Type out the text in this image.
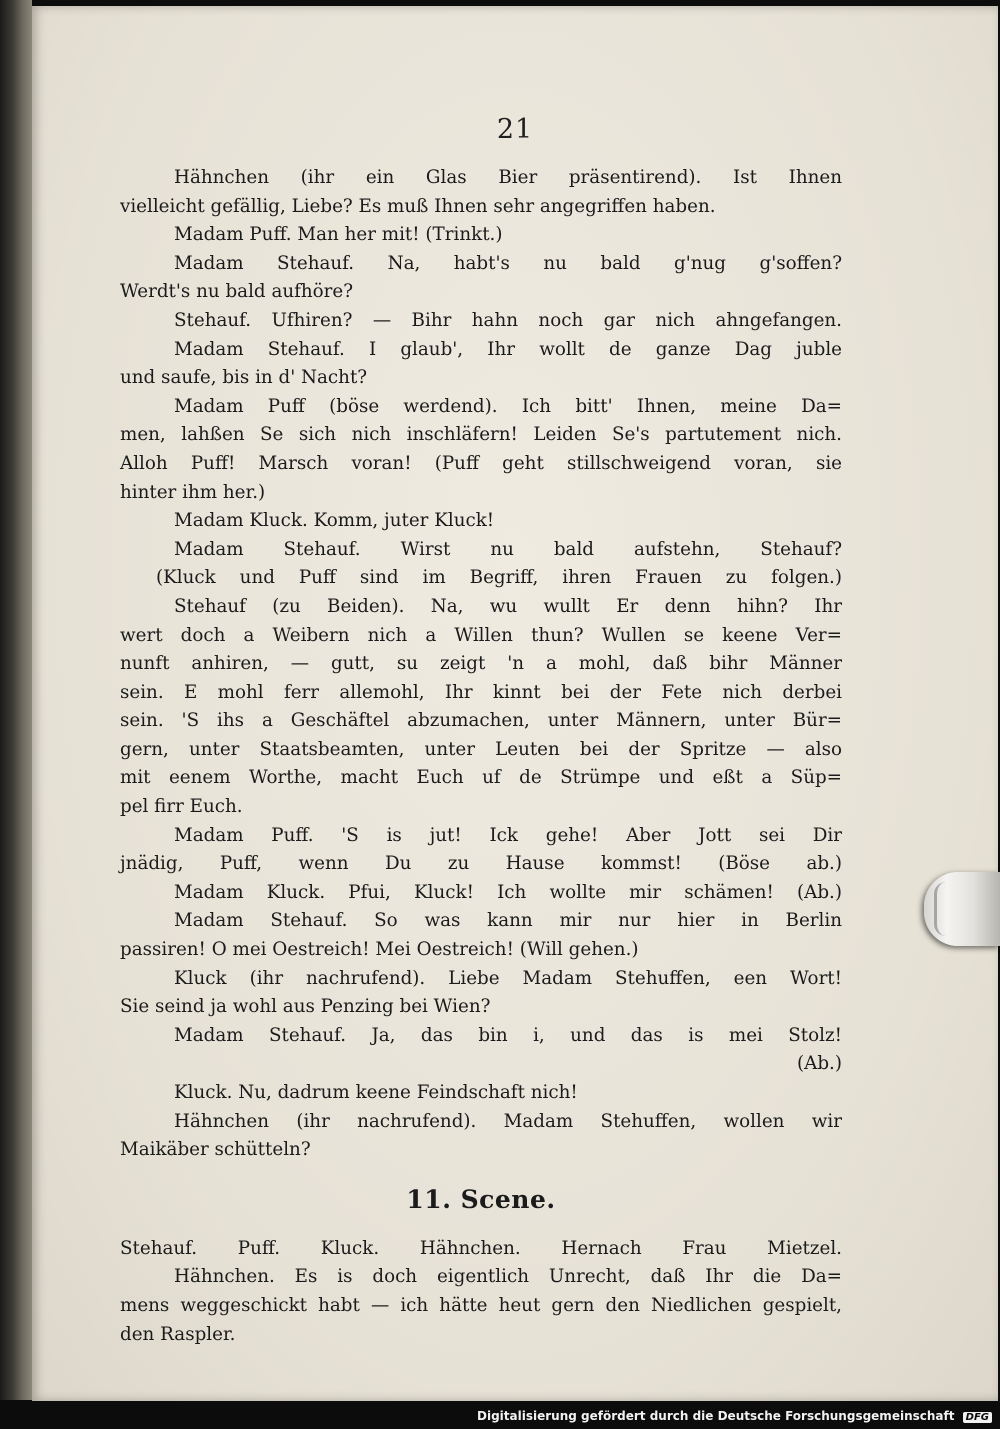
21
Hähnchen (ihr ein Glas Bier präsentirend). Ist Ihnen
vielleicht gefällig, Liebe? Es muß Ihnen sehr angegriffen haben.
Madam Puff. Man her mit! (Trinkt.)
Madam Stehauf. Na, habt's nu bald g'nug g'soffen?
Werdt's nu bald aufhöre?
Stehauf. Ufhiren? — Bihr hahn noch gar nich ahngefangen.
Madam Stehauf. I glaub', Ihr wollt de ganze Dag juble
und saufe, bis in d' Nacht?
Madam Puff (böse werdend). Ich bitt' Ihnen, meine Da=
men, lahßen Se sich nich inschläfern! Leiden Se's partutement nich.
Alloh Puff! Marsch voran! (Puff geht stillschweigend voran, sie
hinter ihm her.)
Madam Kluck. Komm, juter Kluck!
Madam Stehauf. Wirst nu bald aufstehn, Stehauf?
(Kluck und Puff sind im Begriff, ihren Frauen zu folgen.)
Stehauf (zu Beiden). Na, wu wullt Er denn hihn? Ihr
wert doch a Weibern nich a Willen thun? Wullen se keene Ver=
nunft anhiren, — gutt, su zeigt 'n a mohl, daß bihr Männer
sein. E mohl ferr allemohl, Ihr kinnt bei der Fete nich derbei
sein. 'S ihs a Geschäftel abzumachen, unter Männern, unter Bür=
gern, unter Staatsbeamten, unter Leuten bei der Spritze — also
mit eenem Worthe, macht Euch uf de Strümpe und eßt a Süp=
pel firr Euch.
Madam Puff. 'S is jut! Ick gehe! Aber Jott sei Dir
jnädig, Puff, wenn Du zu Hause kommst! (Böse ab.)
Madam Kluck. Pfui, Kluck! Ich wollte mir schämen! (Ab.)
Madam Stehauf. So was kann mir nur hier in Berlin
passiren! O mei Oestreich! Mei Oestreich! (Will gehen.)
Kluck (ihr nachrufend). Liebe Madam Stehuffen, een Wort!
Sie seind ja wohl aus Penzing bei Wien?
Madam Stehauf. Ja, das bin i, und das is mei Stolz!
(Ab.)
Kluck. Nu, dadrum keene Feindschaft nich!
Hähnchen (ihr nachrufend). Madam Stehuffen, wollen wir
Maikäber schütteln?
11. Scene.
Stehauf. Puff. Kluck. Hähnchen. Hernach Frau Mietzel.
Hähnchen. Es is doch eigentlich Unrecht, daß Ihr die Da=
mens weggeschickt habt — ich hätte heut gern den Niedlichen gespielt,
den Raspler.
Digitalisierung gefördert durch die Deutsche Forschungsgemeinschaft DFG
